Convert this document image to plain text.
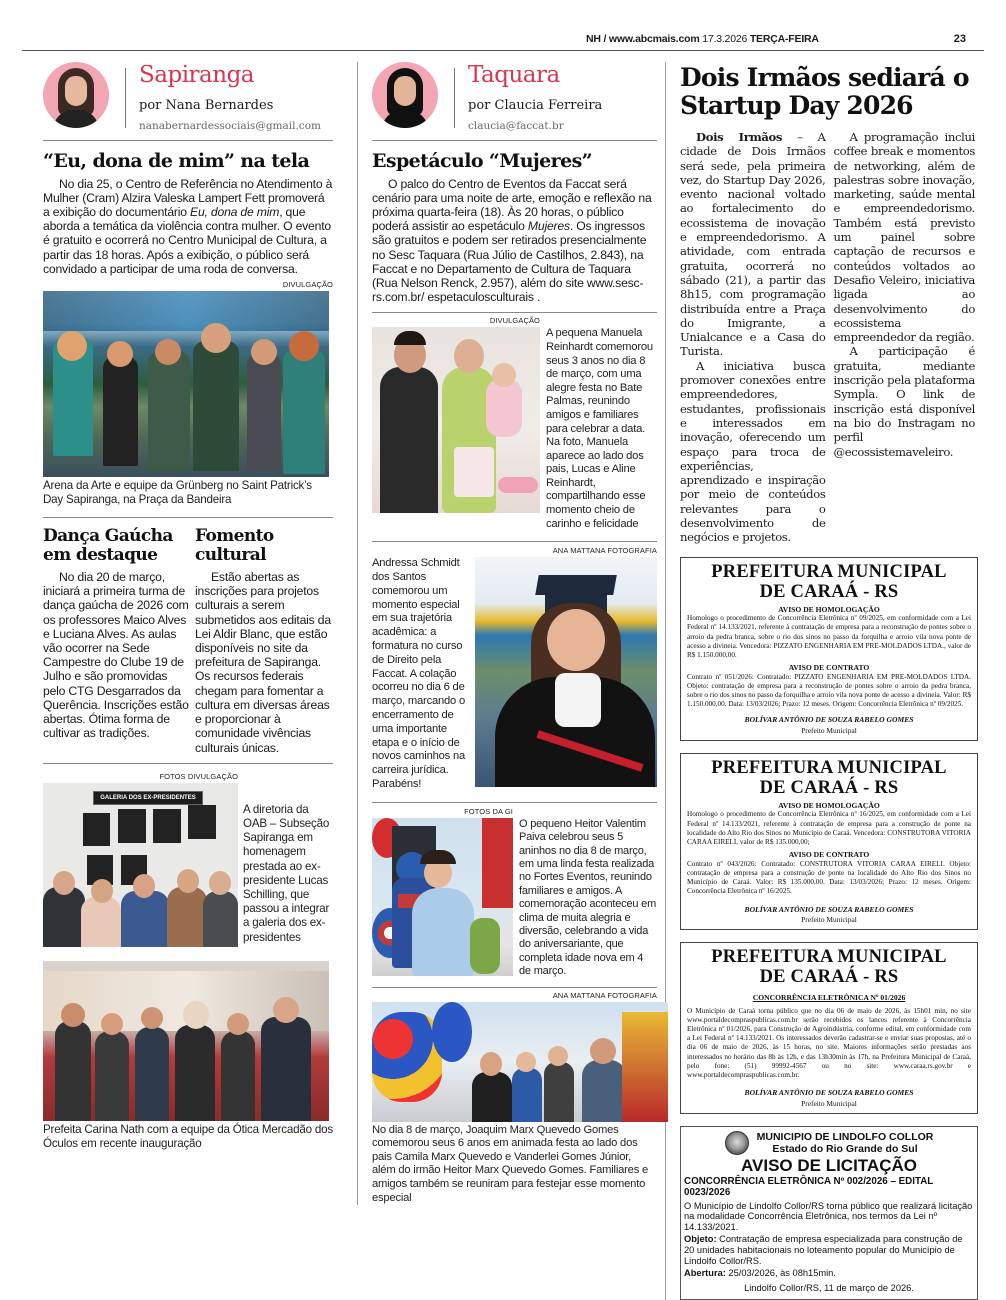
NH / www.abcmais.com 17.3.2026 TERÇA-FEIRA	23
Sapiranga
por Nana Bernardes
nanabernardessociais@gmail.com
“Eu, dona de mim” na tela
No dia 25, o Centro de Referência no Atendimento à Mulher (Cram) Alzira Valeska Lampert Fett promoverá a exibição do documentário Eu, dona de mim, que aborda a temática da violência contra mulher. O evento é gratuito e ocorrerá no Centro Municipal de Cultura, a partir das 18 horas. Após a exibição, o público será convidado a participar de uma roda de conversa.
DIVULGAÇÃO
Arena da Arte e equipe da Grünberg no Saint Patrick’s Day Sapiranga, na Praça da Bandeira
Dança Gaúcha em destaque
No dia 20 de março, iniciará a primeira turma de dança gaúcha de 2026 com os professores Maico Alves e Luciana Alves. As aulas vão ocorrer na Sede Campestre do Clube 19 de Julho e são promovidas pelo CTG Desgarrados da Querência. Inscrições estão abertas. Ótima forma de cultivar as tradições.
Fomento cultural
Estão abertas as inscrições para projetos culturais a serem submetidos aos editais da Lei Aldir Blanc, que estão disponíveis no site da prefeitura de Sapiranga. Os recursos federais chegam para fomentar a cultura em diversas áreas e proporcionar à comunidade vivências culturais únicas.
FOTOS DIVULGAÇÃO
GALERIA DOS EX-PRESIDENTES
A diretoria da OAB – Subseção Sapiranga em homenagem prestada ao ex-presidente Lucas Schilling, que passou a integrar a galeria dos ex-presidentes
Prefeita Carina Nath com a equipe da Ótica Mercadão dos Óculos em recente inauguração
Taquara
por Claucia Ferreira
claucia@faccat.br
Espetáculo “Mujeres”
O palco do Centro de Eventos da Faccat será cenário para uma noite de arte, emoção e reflexão na próxima quarta-feira (18). Às 20 horas, o público poderá assistir ao espetáculo Mujeres. Os ingressos são gratuitos e podem ser retirados presencialmente no Sesc Taquara (Rua Júlio de Castilhos, 2.843), na Faccat e no Departamento de Cultura de Taquara (Rua Nelson Renck, 2.957), além do site www.sesc-rs.com.br/ espetaculosculturais .
DIVULGAÇÃO
A pequena Manuela Reinhardt comemorou seus 3 anos no dia 8 de março, com uma alegre festa no Bate Palmas, reunindo amigos e familiares para celebrar a data. Na foto, Manuela aparece ao lado dos pais, Lucas e Aline Reinhardt, compartilhando esse momento cheio de carinho e felicidade
ANA MATTANA FOTOGRAFIA
Andressa Schmidt dos Santos comemorou um momento especial em sua trajetória acadêmica: a formatura no curso de Direito pela Faccat. A colação ocorreu no dia 6 de março, marcando o encerramento de uma importante etapa e o início de novos caminhos na carreira jurídica. Parabéns!
FOTOS DA GI
O pequeno Heitor Valentim Paiva celebrou seus 5 aninhos no dia 8 de março, em uma linda festa realizada no Fortes Eventos, reunindo familiares e amigos. A comemoração aconteceu em clima de muita alegria e diversão, celebrando a vida do aniversariante, que completa idade nova em 4 de março.
ANA MATTANA FOTOGRAFIA
No dia 8 de março, Joaquim Marx Quevedo Gomes comemorou seus 6 anos em animada festa ao lado dos pais Camila Marx Quevedo e Vanderlei Gomes Júnior, além do irmão Heitor Marx Quevedo Gomes. Familiares e amigos também se reuniram para festejar esse momento especial
Dois Irmãos sediará o Startup Day 2026
Dois Irmãos – A cidade de Dois Irmãos será sede, pela primeira vez, do Startup Day 2026, evento nacional voltado ao fortalecimento do ecossistema de inovação e empreendedorismo. A atividade, com entrada gratuita, ocorrerá no sábado (21), a partir das 8h15, com programação distribuída entre a Praça do Imigrante, a Unialcance e a Casa do Turista.
A iniciativa busca promover conexões entre empreendedores, estudantes, profissionais e interessados em inovação, oferecendo um espaço para troca de experiências, aprendizado e inspiração por meio de conteúdos relevantes para o desenvolvimento de negócios e projetos.
A programação inclui coffee break e momentos de networking, além de palestras sobre inovação, marketing, saúde mental e empreendedorismo. Também está previsto um painel sobre captação de recursos e conteúdos voltados ao Desafio Veleiro, iniciativa ligada ao desenvolvimento do ecossistema empreendedor da região.
A participação é gratuita, mediante inscrição pela plataforma Sympla. O link de inscrição está disponível na bio do Instragam no perfil @ecossistemaveleiro.
PREFEITURA MUNICIPAL
DE CARAÁ - RS
AVISO DE HOMOLOGAÇÃO
Homologo o procedimento de Concorrência Eletrônica nº 09/2025, em conformidade com a Lei Federal nº 14.133/2021, referente à contratação de empresa para a reconstrução de pontes sobre o arroio da pedra branca, sobre o rio dos sinos no passo da forquilha e arroio vila nova ponte de acesso a divineia. Vencedora: PIZZATO ENGENHARIA EM PRE-MOLDADOS LTDA., valor de R$ 1.150.000,00.
AVISO DE CONTRATO
Contrato nº 051/2026: Contratado: PIZZATO ENGENHARIA EM PRE-MOLDADOS LTDA. Objeto: contratação de empresa para a reconstrução de pontes sobre o arroio da pedra branca, sobre o rio dos sinos no passo da forquilha e arroio vila nova ponte de acesso a divineia. Valor: R$ 1.150.000,00. Data: 13/03/2026; Prazo: 12 meses. Origem: Concorrência Eletrônica nº 09/2025.
BOLÍVAR ANTÔNIO DE SOUZA RABELO GOMES
Prefeito Municipal
PREFEITURA MUNICIPAL
DE CARAÁ - RS
AVISO DE HOMOLOGAÇÃO
Homologo o procedimento de Concorrência Eletrônica nº 16/2025, em conformidade com a Lei Federal nº 14.133/2021, referente à contratação de empresa para a construção de ponte na localidade do Alto Rio dos Sinos no Município de Caraá. Vencedora: CONSTRUTORA VITORIA CARAA EIRELI, valor de R$ 135.000,00;
AVISO DE CONTRATO
Contrato nº 043/2026: Contratado: CONSTRUTORA VITORIA CARAA EIRELI. Objeto: contratação de empresa para a construção de ponte na localidade do Alto Rio dos Sinos no Município de Caraá. Valor: R$ 135.000,00. Data: 13/03/2026; Prazo: 12 meses. Origem: Concorrência Eletrônica nº 16/2025.
BOLÍVAR ANTÔNIO DE SOUZA RABELO GOMES
Prefeito Municipal
PREFEITURA MUNICIPAL
DE CARAÁ - RS
CONCORRÊNCIA ELETRÔNICA Nº 01/2026
O Município de Caraá torna público que no dia 06 de maio de 2026, às 15h01 min, no site www.portaldecompraspublicas.com.br serão recebidos os lances referente à Concorrência Eletrônica nº 01/2026, para Construção de Agroindústria, conforme edital, em conformidade com a Lei Federal nº 14.133/2021. Os interessados deverão cadastrar-se e enviar suas propostas, até o dia 06 de maio de 2026, às 15 horas, no site. Maiores informações serão prestadas aos interessados no horário das 8h às 12h, e das 13h30min às 17h, na Prefeitura Municipal de Caraá, pelo fone: (51) 99992-4567 ou no site: www.caraa.rs.gov.br e www.portaldecompraspublicas.com.br.
BOLÍVAR ANTÔNIO DE SOUZA RABELO GOMES
Prefeito Municipal
MUNICIPIO DE LINDOLFO COLLOR
Estado do Rio Grande do Sul
AVISO DE LICITAÇÃO
CONCORRÊNCIA ELETRÔNICA Nº 002/2026 – EDITAL 0023/2026
O Município de Lindolfo Collor/RS torna público que realizará licitação na modalidade Concorrência Eletrônica, nos termos da Lei nº 14.133/2021.
Objeto: Contratação de empresa especializada para construção de 20 unidades habitacionais no loteamento popular do Município de Lindolfo Collor/RS.
Abertura: 25/03/2026, às 08h15min.
Lindolfo Collor/RS, 11 de março de 2026.
